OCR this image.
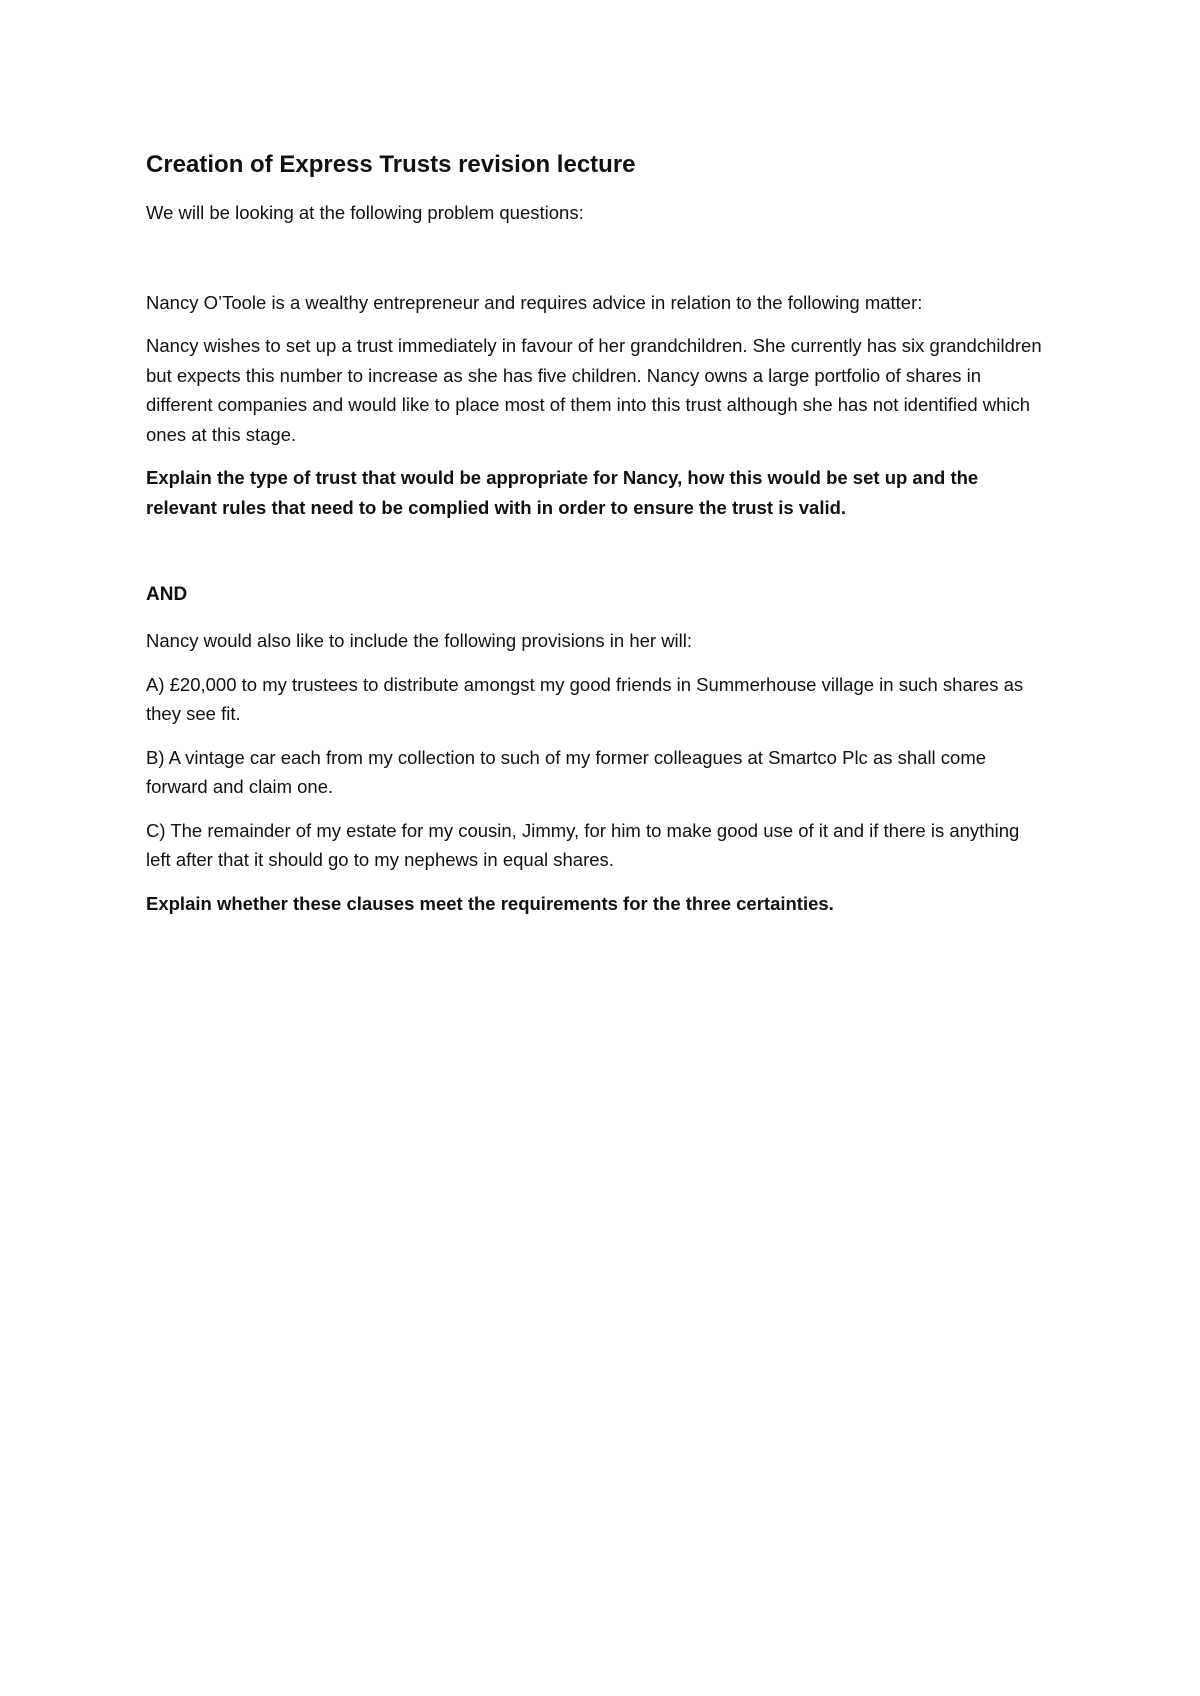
Creation of Express Trusts revision lecture

We will be looking at the following problem questions:

Nancy O’Toole is a wealthy entrepreneur and requires advice in relation to the following matter:

Nancy wishes to set up a trust immediately in favour of her grandchildren. She currently has six grandchildren but expects this number to increase as she has five children. Nancy owns a large portfolio of shares in different companies and would like to place most of them into this trust although she has not identified which ones at this stage.

Explain the type of trust that would be appropriate for Nancy, how this would be set up and the relevant rules that need to be complied with in order to ensure the trust is valid.

AND

Nancy would also like to include the following provisions in her will:

A) £20,000 to my trustees to distribute amongst my good friends in Summerhouse village in such shares as they see fit.

B) A vintage car each from my collection to such of my former colleagues at Smartco Plc as shall come forward and claim one.

C) The remainder of my estate for my cousin, Jimmy, for him to make good use of it and if there is anything left after that it should go to my nephews in equal shares.

Explain whether these clauses meet the requirements for the three certainties.
